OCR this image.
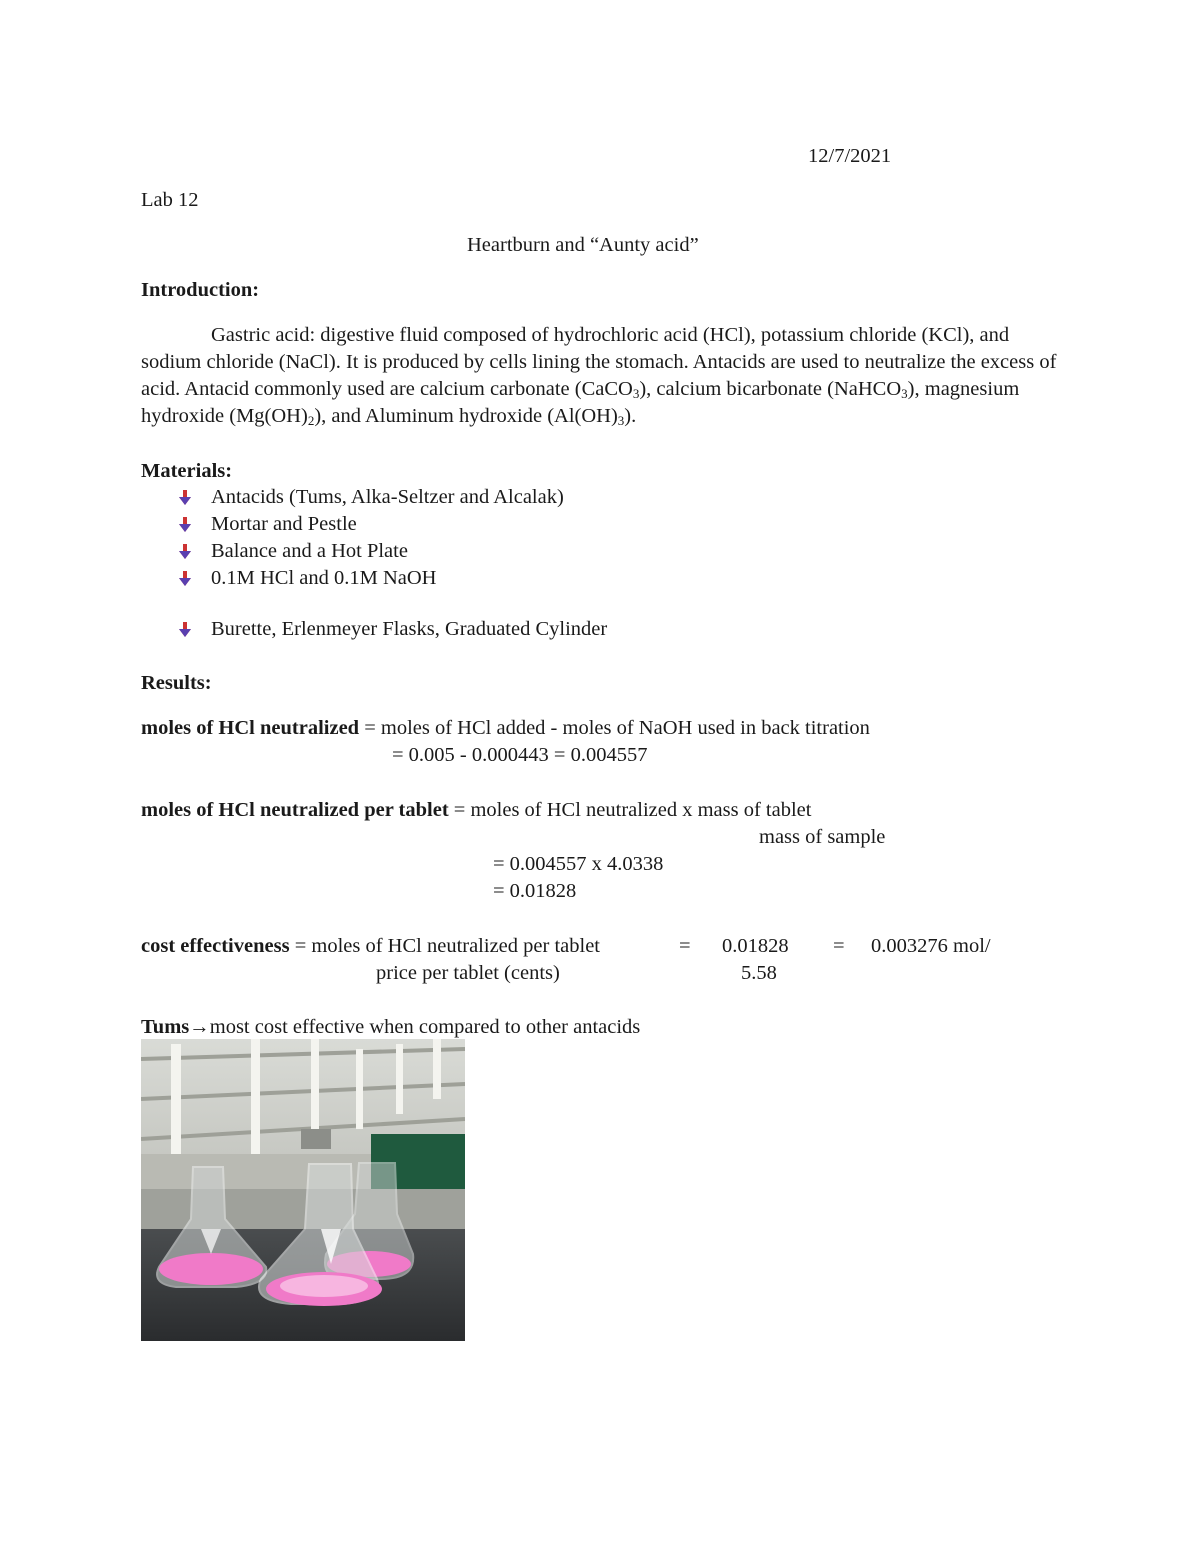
12/7/2021
Lab 12
Heartburn and “Aunty acid”
Introduction:
Gastric acid: digestive fluid composed of hydrochloric acid (HCl), potassium chloride (KCl), and sodium chloride (NaCl). It is produced by cells lining the stomach. Antacids are used to neutralize the excess of acid. Antacid commonly used are calcium carbonate (CaCO$_3$), calcium bicarbonate (NaHCO$_3$), magnesium hydroxide $(Mg(OH)_2)$, and Aluminum hydroxide $(Al(OH)_3)$.
Materials:
Antacids (Tums, Alka-Seltzer and Alcalak)
Mortar and Pestle
Balance and a Hot Plate
0.1M HCl and 0.1M NaOH
Burette, Erlenmeyer Flasks, Graduated Cylinder
Results:
moles of HCl neutralized = moles of HCl added - moles of NaOH used in back titration
= 0.005 - 0.000443 = 0.004557
moles of HCl neutralized per tablet = moles of HCl neutralized x mass of tablet
mass of sample
= 0.004557 x 4.0338
= 0.01828
cost effectiveness = moles of HCl neutralized per tablet	= 0.01828 = 0.003276 mol/
price per tablet (cents)	5.58
Tums→most cost effective when compared to other antacids
